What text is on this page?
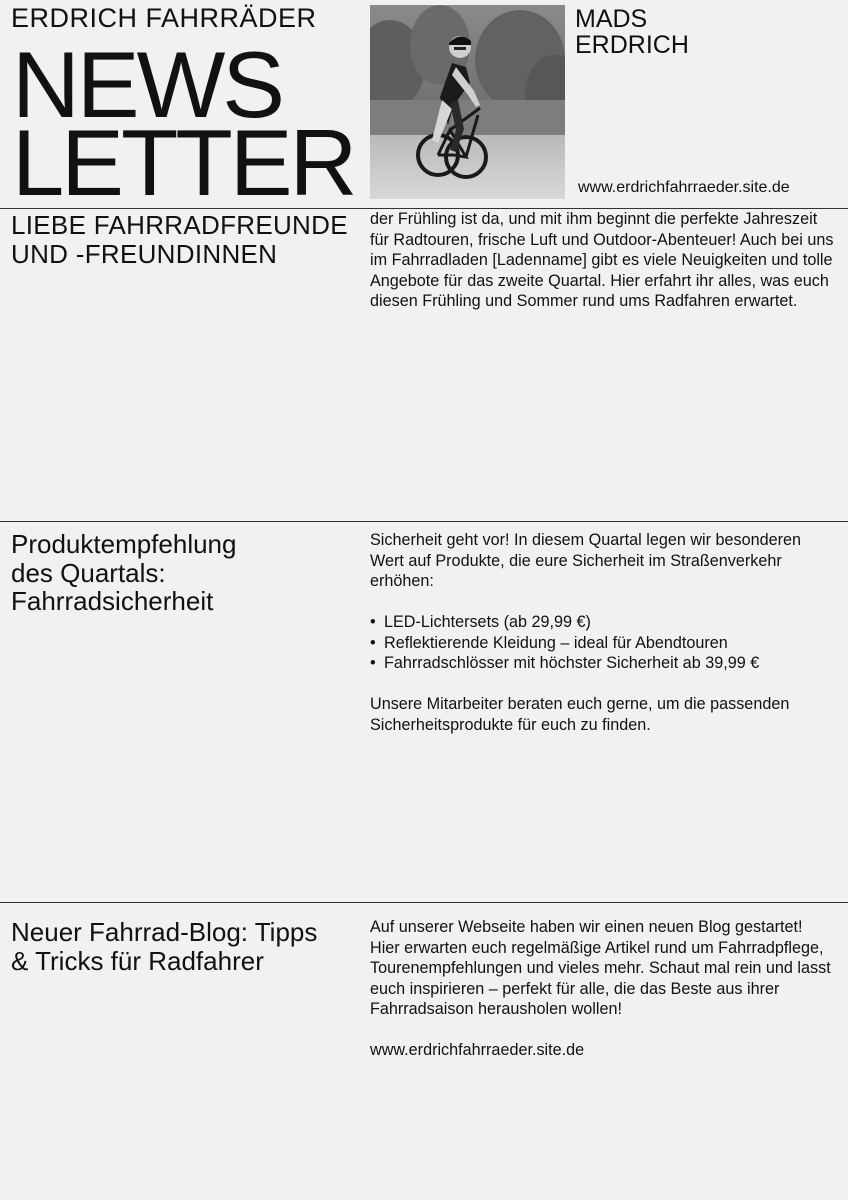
ERDRICH FAHRRÄDER
NEWS
LETTER
MADS
ERDRICH
www.erdrichfahrraeder.site.de
LIEBE FAHRRADFREUNDE
UND -FREUNDINNEN

der Frühling ist da, und mit ihm beginnt die perfekte Jahreszeit für Radtouren, frische Luft und Outdoor-Abenteuer! Auch bei uns im Fahrradladen [Ladenname] gibt es viele Neuigkeiten und tolle Angebote für das zweite Quartal. Hier erfahrt ihr alles, was euch diesen Frühling und Sommer rund ums Radfahren erwartet.

Produktempfehlung
des Quartals:
Fahrradsicherheit

Sicherheit geht vor! In diesem Quartal legen wir besonderen Wert auf Produkte, die eure Sicherheit im Straßenverkehr erhöhen:

• LED-Lichtersets (ab 29,99 €)
• Reflektierende Kleidung – ideal für Abendtouren
• Fahrradschlösser mit höchster Sicherheit ab 39,99 €

Unsere Mitarbeiter beraten euch gerne, um die passenden Sicherheitsprodukte für euch zu finden.

Neuer Fahrrad-Blog: Tipps
& Tricks für Radfahrer

Auf unserer Webseite haben wir einen neuen Blog gestartet! Hier erwarten euch regelmäßige Artikel rund um Fahrradpflege, Tourenempfehlungen und vieles mehr. Schaut mal rein und lasst euch inspirieren – perfekt für alle, die das Beste aus ihrer Fahrradsaison herausholen wollen!

www.erdrichfahrraeder.site.de
